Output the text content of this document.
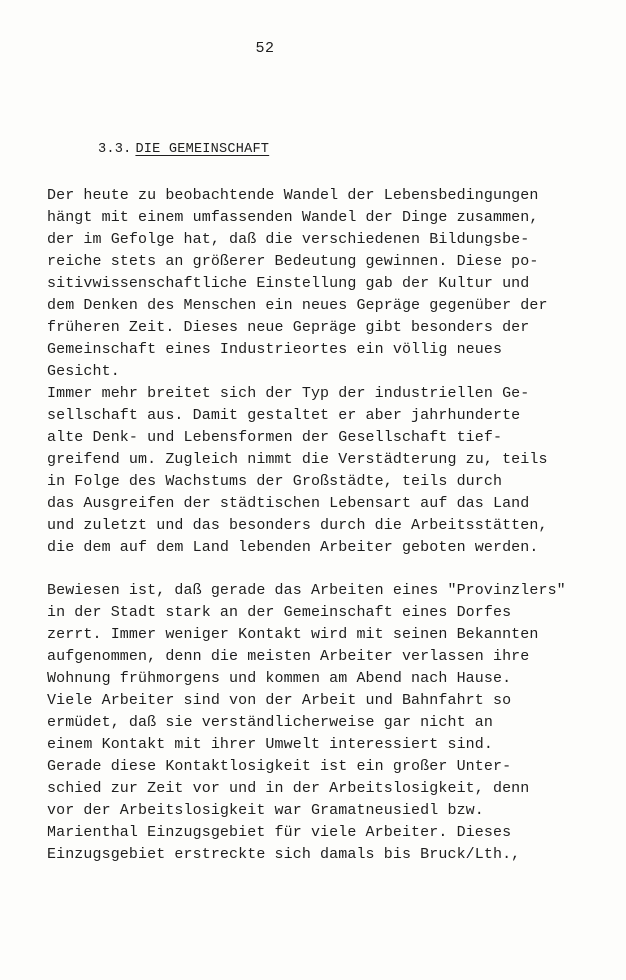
52
3.3. DIE GEMEINSCHAFT
Der heute zu beobachtende Wandel der Lebensbedingungen
hängt mit einem umfassenden Wandel der Dinge zusammen,
der im Gefolge hat, daß die verschiedenen Bildungsbe-
reiche stets an größerer Bedeutung gewinnen. Diese po-
sitivwissenschaftliche Einstellung gab der Kultur und
dem Denken des Menschen ein neues Gepräge gegenüber der
früheren Zeit. Dieses neue Gepräge gibt besonders der
Gemeinschaft eines Industrieortes ein völlig neues
Gesicht.
Immer mehr breitet sich der Typ der industriellen Ge-
sellschaft aus. Damit gestaltet er aber jahrhunderte
alte Denk- und Lebensformen der Gesellschaft tief-
greifend um. Zugleich nimmt die Verstädterung zu, teils
in Folge des Wachstums der Großstädte, teils durch
das Ausgreifen der städtischen Lebensart auf das Land
und zuletzt und das besonders durch die Arbeitsstätten,
die dem auf dem Land lebenden Arbeiter geboten werden.
Bewiesen ist, daß gerade das Arbeiten eines "Provinzlers"
in der Stadt stark an der Gemeinschaft eines Dorfes
zerrt. Immer weniger Kontakt wird mit seinen Bekannten
aufgenommen, denn die meisten Arbeiter verlassen ihre
Wohnung frühmorgens und kommen am Abend nach Hause.
Viele Arbeiter sind von der Arbeit und Bahnfahrt so
ermüdet, daß sie verständlicherweise gar nicht an
einem Kontakt mit ihrer Umwelt interessiert sind.
Gerade diese Kontaktlosigkeit ist ein großer Unter-
schied zur Zeit vor und in der Arbeitslosigkeit, denn
vor der Arbeitslosigkeit war Gramatneusiedl bzw.
Marienthal Einzugsgebiet für viele Arbeiter. Dieses
Einzugsgebiet erstreckte sich damals bis Bruck/Lth.,
